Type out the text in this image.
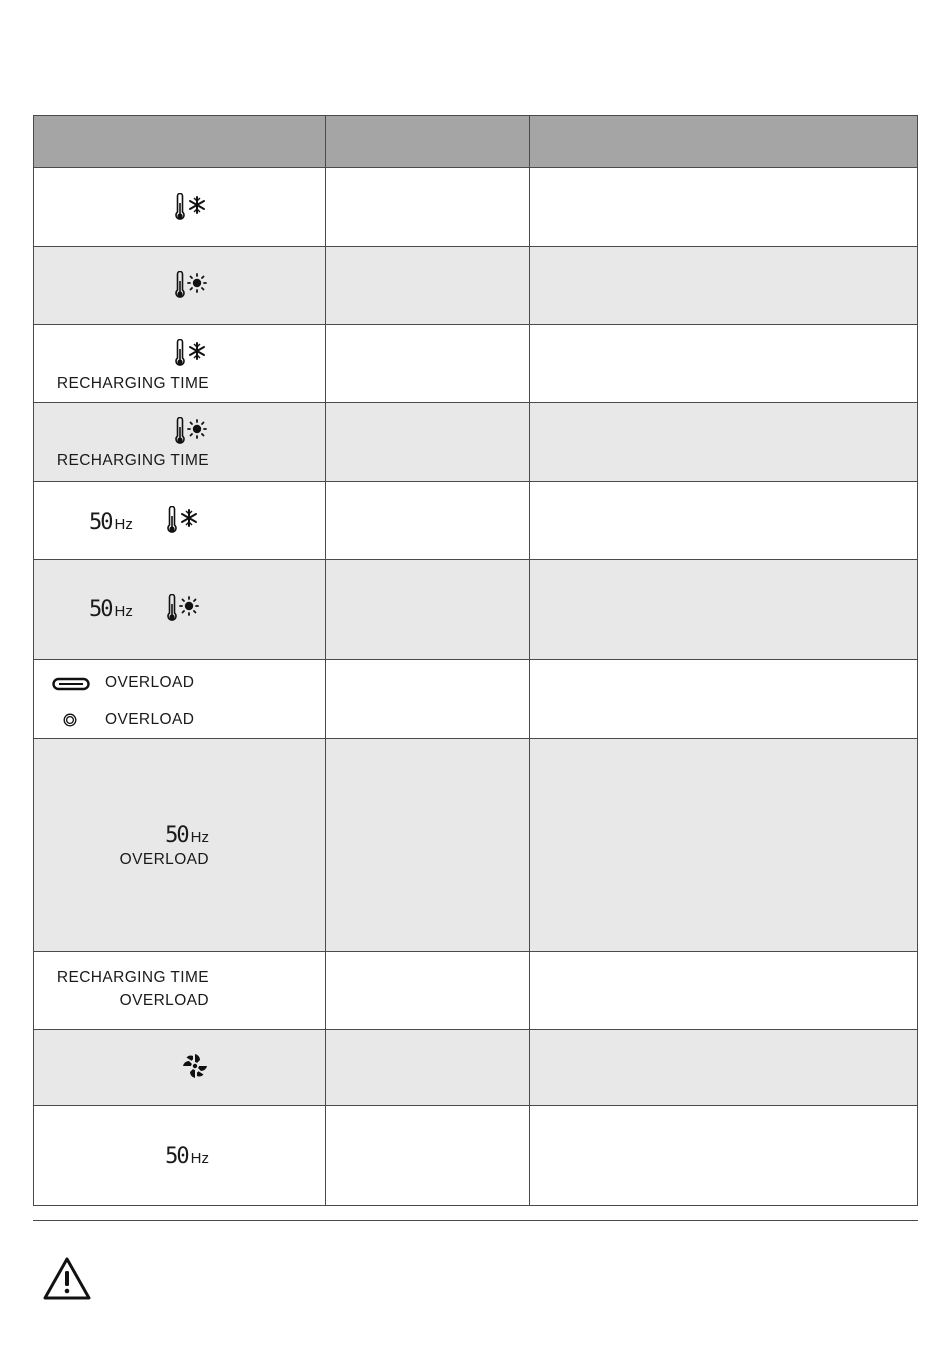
RECHARGING TIME
RECHARGING TIME
50 Hz
50 Hz
OVERLOAD
OVERLOAD
50 Hz
OVERLOAD
RECHARGING TIME
OVERLOAD
50 Hz
